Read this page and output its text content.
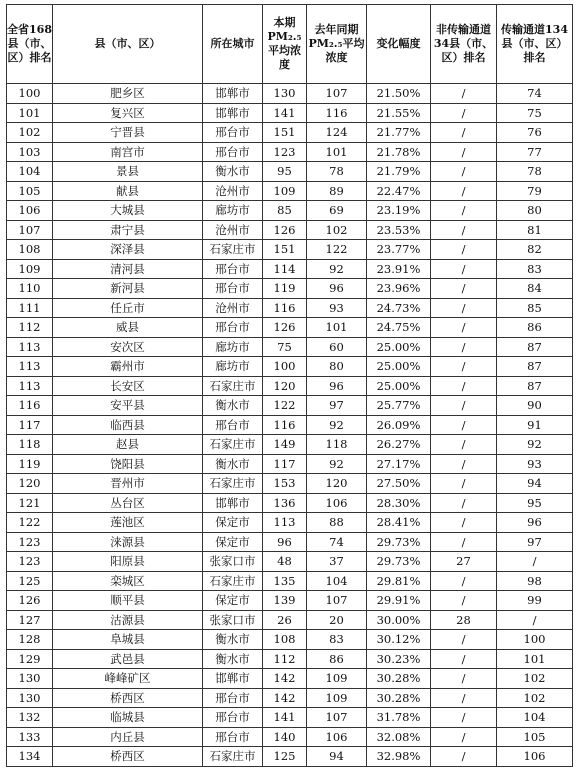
全省168县（市、区）排名	县（市、区）	所在城市	本期PM₂.₅平均浓度	去年同期PM₂.₅平均浓度	变化幅度	非传输通道34县（市、区）排名	传输通道134县（市、区）排名
100	肥乡区	邯郸市	130	107	21.50%	/	74
101	复兴区	邯郸市	141	116	21.55%	/	75
102	宁晋县	邢台市	151	124	21.77%	/	76
103	南宫市	邢台市	123	101	21.78%	/	77
104	景县	衡水市	95	78	21.79%	/	78
105	献县	沧州市	109	89	22.47%	/	79
106	大城县	廊坊市	85	69	23.19%	/	80
107	肃宁县	沧州市	126	102	23.53%	/	81
108	深泽县	石家庄市	151	122	23.77%	/	82
109	清河县	邢台市	114	92	23.91%	/	83
110	新河县	邢台市	119	96	23.96%	/	84
111	任丘市	沧州市	116	93	24.73%	/	85
112	威县	邢台市	126	101	24.75%	/	86
113	安次区	廊坊市	75	60	25.00%	/	87
113	霸州市	廊坊市	100	80	25.00%	/	87
113	长安区	石家庄市	120	96	25.00%	/	87
116	安平县	衡水市	122	97	25.77%	/	90
117	临西县	邢台市	116	92	26.09%	/	91
118	赵县	石家庄市	149	118	26.27%	/	92
119	饶阳县	衡水市	117	92	27.17%	/	93
120	晋州市	石家庄市	153	120	27.50%	/	94
121	丛台区	邯郸市	136	106	28.30%	/	95
122	莲池区	保定市	113	88	28.41%	/	96
123	涞源县	保定市	96	74	29.73%	/	97
123	阳原县	张家口市	48	37	29.73%	27	/
125	栾城区	石家庄市	135	104	29.81%	/	98
126	顺平县	保定市	139	107	29.91%	/	99
127	沽源县	张家口市	26	20	30.00%	28	/
128	阜城县	衡水市	108	83	30.12%	/	100
129	武邑县	衡水市	112	86	30.23%	/	101
130	峰峰矿区	邯郸市	142	109	30.28%	/	102
130	桥西区	邢台市	142	109	30.28%	/	102
132	临城县	邢台市	141	107	31.78%	/	104
133	内丘县	邢台市	140	106	32.08%	/	105
134	桥西区	石家庄市	125	94	32.98%	/	106
